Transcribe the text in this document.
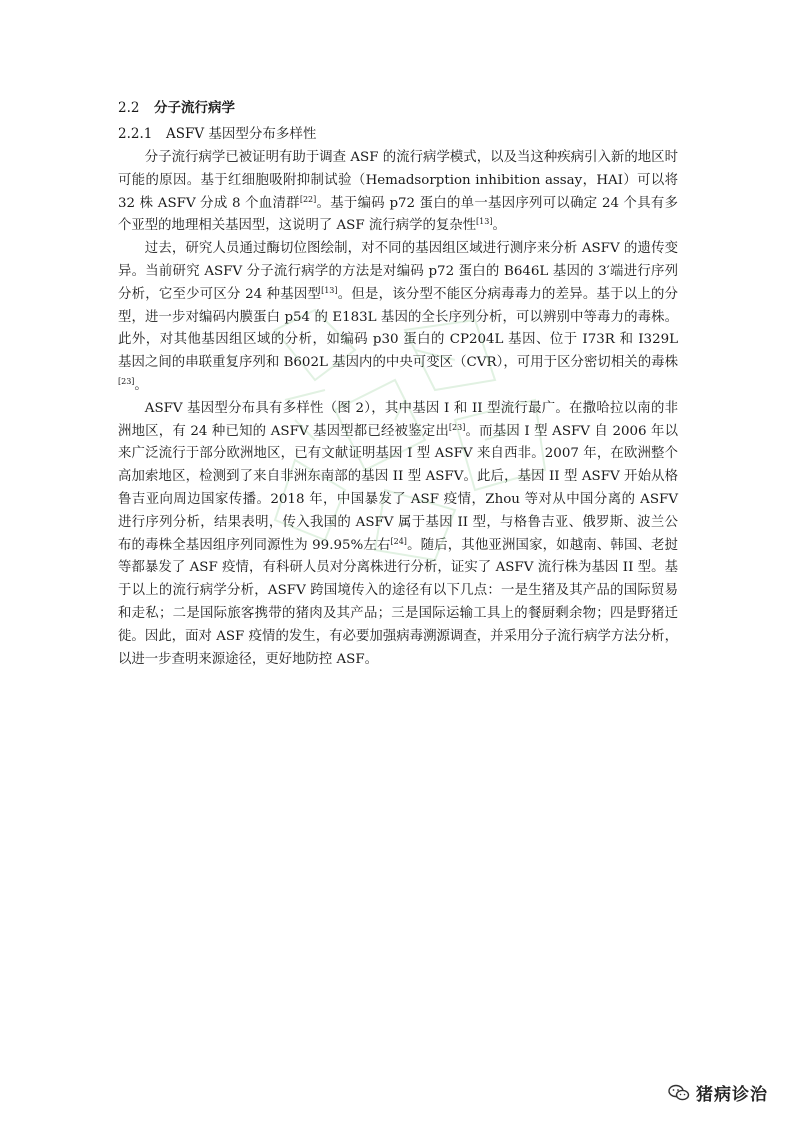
2.2 分子流行病学
2.2.1 ASFV 基因型分布多样性

分子流行病学已被证明有助于调查 ASF 的流行病学模式，以及当这种疾病引入新的地区时可能的原因。基于红细胞吸附抑制试验（Hemadsorption inhibition assay，HAI）可以将 32 株 ASFV 分成 8 个血清群[22]。基于编码 p72 蛋白的单一基因序列可以确定 24 个具有多个亚型的地理相关基因型，这说明了 ASF 流行病学的复杂性[13]。

过去，研究人员通过酶切位图绘制，对不同的基因组区域进行测序来分析 ASFV 的遗传变异。当前研究 ASFV 分子流行病学的方法是对编码 p72 蛋白的 B646L 基因的 3′端进行序列分析，它至少可区分 24 种基因型[13]。但是，该分型不能区分病毒毒力的差异。基于以上的分型，进一步对编码内膜蛋白 p54 的 E183L 基因的全长序列分析，可以辨别中等毒力的毒株。此外，对其他基因组区域的分析，如编码 p30 蛋白的 CP204L 基因、位于 I73R 和 I329L 基因之间的串联重复序列和 B602L 基因内的中央可变区（CVR），可用于区分密切相关的毒株[23]。

ASFV 基因型分布具有多样性（图 2），其中基因 I 和 II 型流行最广。在撒哈拉以南的非洲地区，有 24 种已知的 ASFV 基因型都已经被鉴定出[23]。而基因 I 型 ASFV 自 2006 年以来广泛流行于部分欧洲地区，已有文献证明基因 I 型 ASFV 来自西非。2007 年，在欧洲整个高加索地区，检测到了来自非洲东南部的基因 II 型 ASFV。此后，基因 II 型 ASFV 开始从格鲁吉亚向周边国家传播。2018 年，中国暴发了 ASF 疫情，Zhou 等对从中国分离的 ASFV 进行序列分析，结果表明，传入我国的 ASFV 属于基因 II 型，与格鲁吉亚、俄罗斯、波兰公布的毒株全基因组序列同源性为 99.95%左右[24]。随后，其他亚洲国家，如越南、韩国、老挝等都暴发了 ASF 疫情，有科研人员对分离株进行分析，证实了 ASFV 流行株为基因 II 型。基于以上的流行病学分析，ASFV 跨国境传入的途径有以下几点：一是生猪及其产品的国际贸易和走私；二是国际旅客携带的猪肉及其产品；三是国际运输工具上的餐厨剩余物；四是野猪迁徙。因此，面对 ASF 疫情的发生，有必要加强病毒溯源调查，并采用分子流行病学方法分析，以进一步查明来源途径，更好地防控 ASF。

猪病诊治
